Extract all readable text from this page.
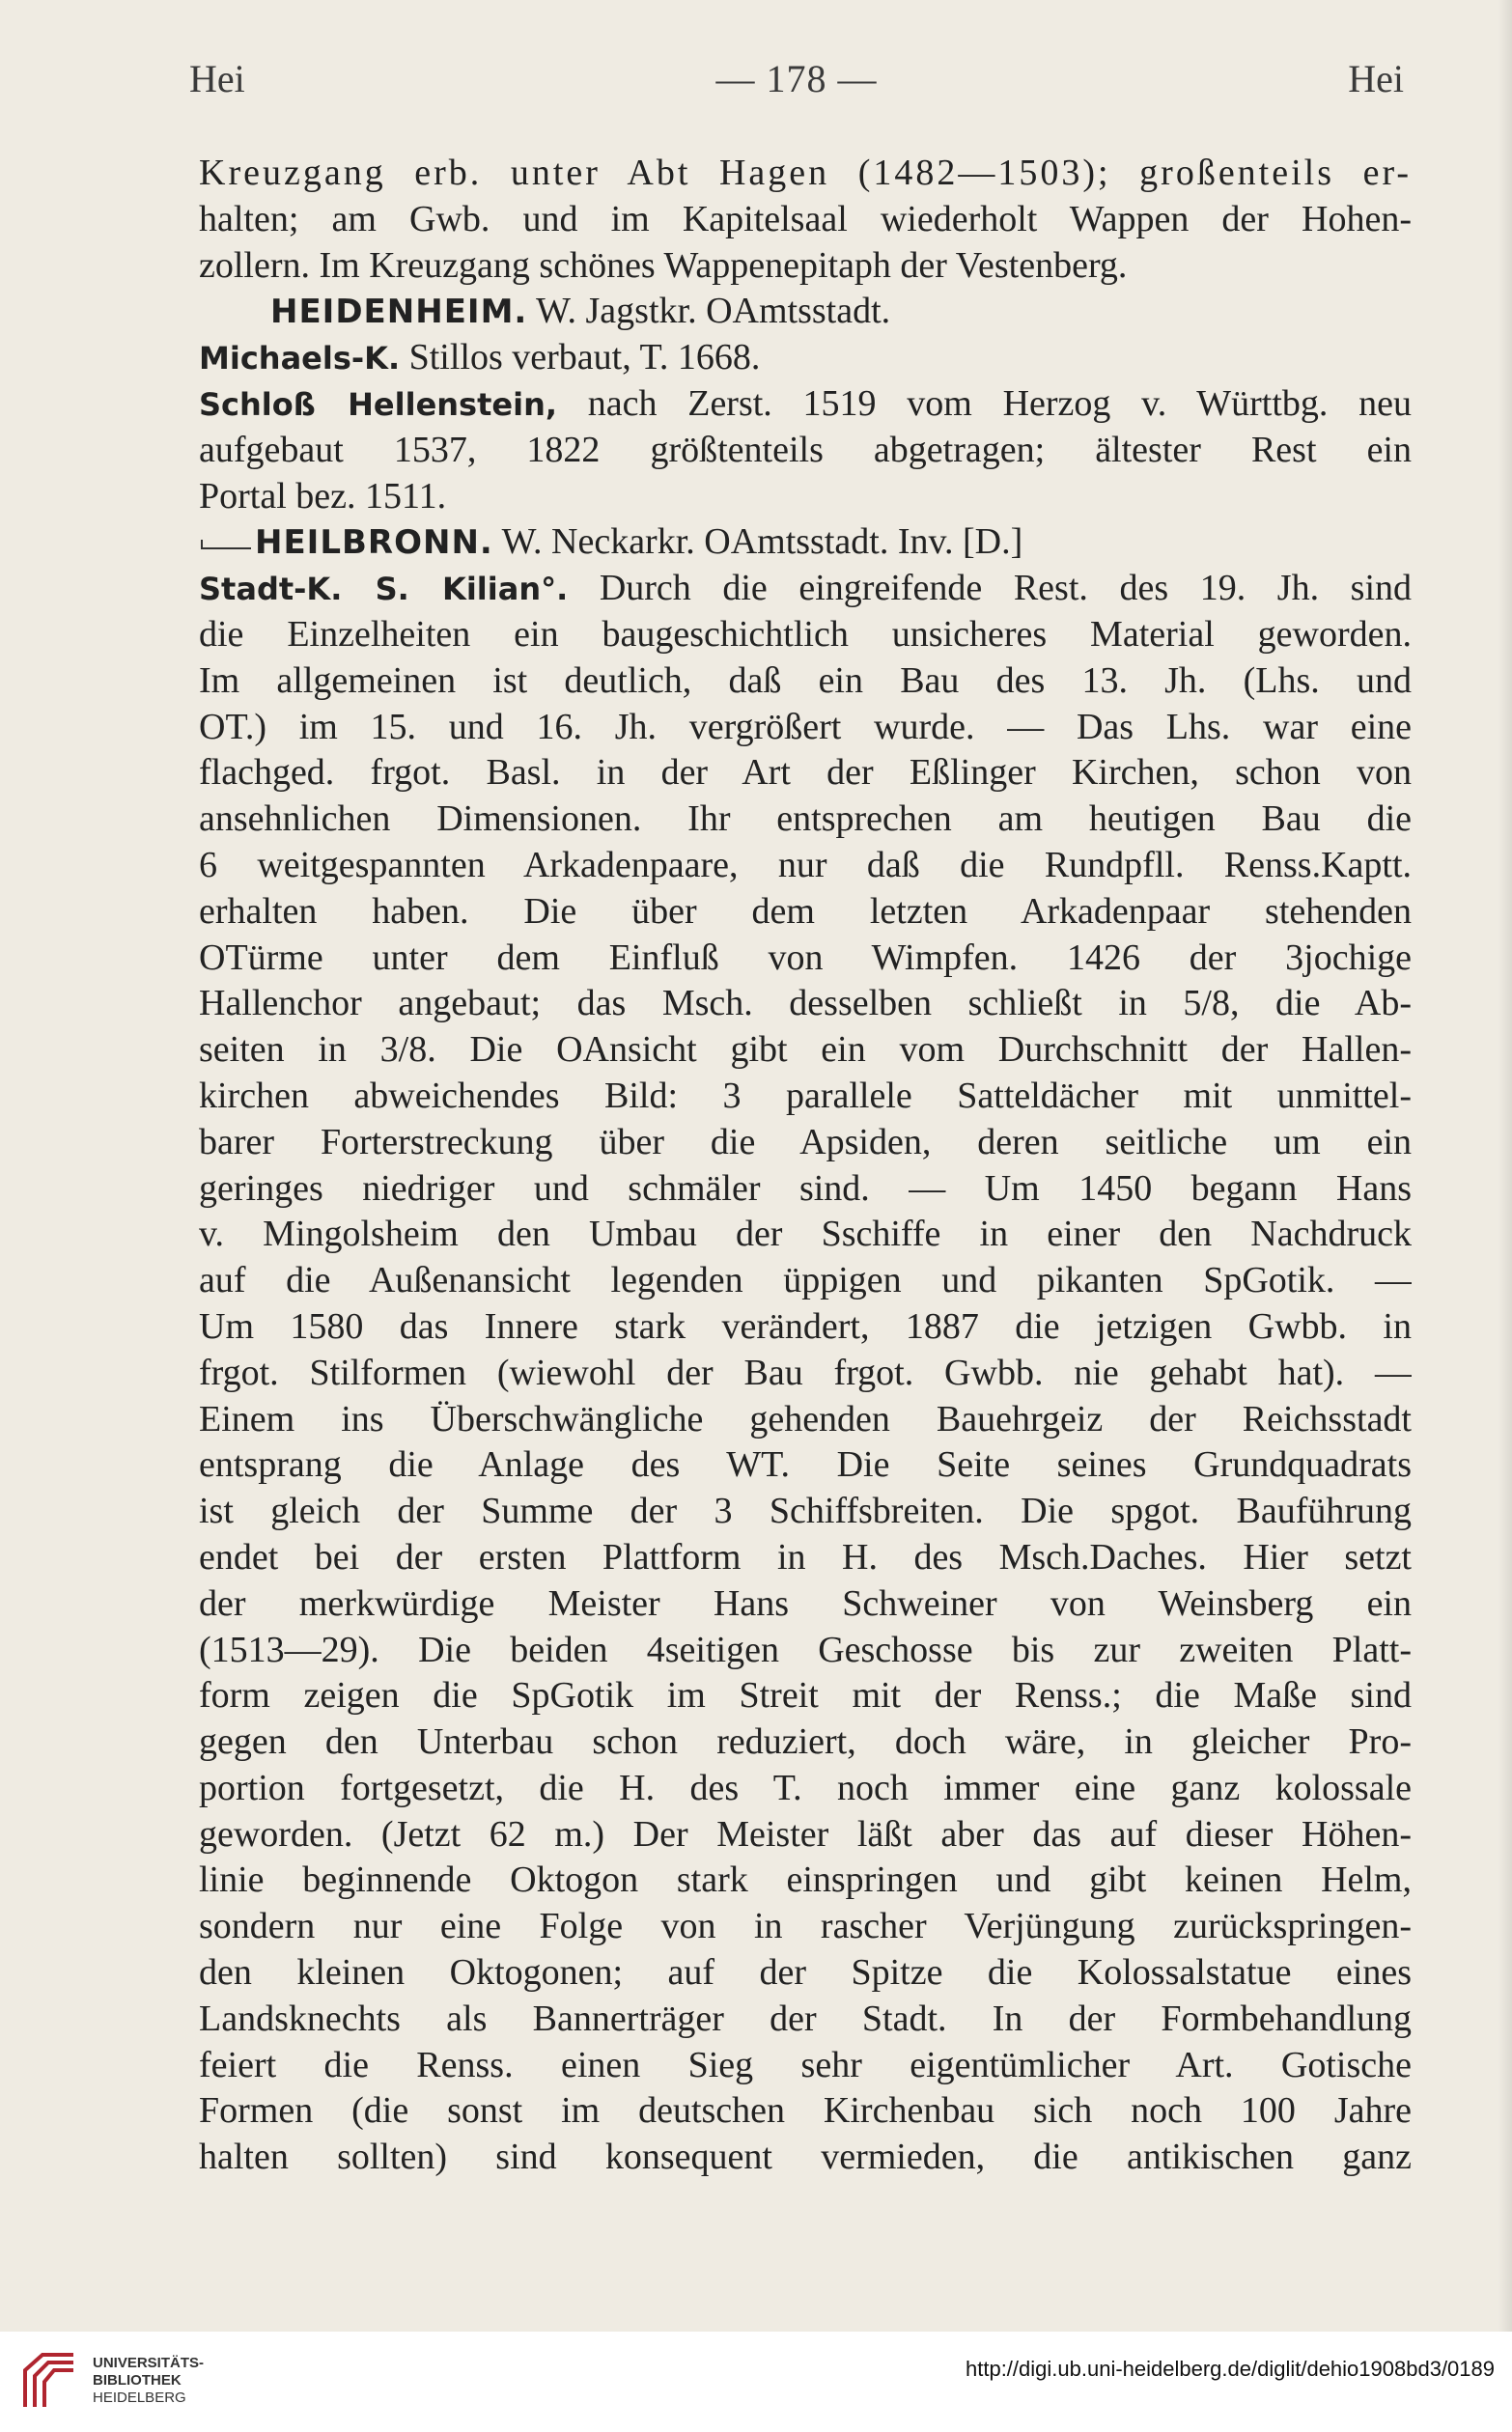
Hei	— 178 —	Hei
Kreuzgang erb. unter Abt Hagen (1482—1503); großenteils er-
halten; am Gwb. und im Kapitelsaal wiederholt Wappen der Hohen-
zollern. Im Kreuzgang schönes Wappenepitaph der Vestenberg.
HEIDENHEIM. W. Jagstkr. OAmtsstadt.
Michaels-K. Stillos verbaut, T. 1668.
Schloß Hellenstein, nach Zerst. 1519 vom Herzog v. Württbg. neu
aufgebaut 1537, 1822 größtenteils abgetragen; ältester Rest ein
Portal bez. 1511.
HEILBRONN. W. Neckarkr. OAmtsstadt. Inv. [D.]
Stadt-K. S. Kilian°. Durch die eingreifende Rest. des 19. Jh. sind
die Einzelheiten ein baugeschichtlich unsicheres Material geworden.
Im allgemeinen ist deutlich, daß ein Bau des 13. Jh. (Lhs. und
OT.) im 15. und 16. Jh. vergrößert wurde. — Das Lhs. war eine
flachged. frgot. Basl. in der Art der Eßlinger Kirchen, schon von
ansehnlichen Dimensionen. Ihr entsprechen am heutigen Bau die
6 weitgespannten Arkadenpaare, nur daß die Rundpfll. Renss.Kaptt.
erhalten haben. Die über dem letzten Arkadenpaar stehenden
OTürme unter dem Einfluß von Wimpfen. 1426 der 3jochige
Hallenchor angebaut; das Msch. desselben schließt in 5/8, die Ab-
seiten in 3/8. Die OAnsicht gibt ein vom Durchschnitt der Hallen-
kirchen abweichendes Bild: 3 parallele Satteldächer mit unmittel-
barer Forterstreckung über die Apsiden, deren seitliche um ein
geringes niedriger und schmäler sind. — Um 1450 begann Hans
v. Mingolsheim den Umbau der Sschiffe in einer den Nachdruck
auf die Außenansicht legenden üppigen und pikanten SpGotik. —
Um 1580 das Innere stark verändert, 1887 die jetzigen Gwbb. in
frgot. Stilformen (wiewohl der Bau frgot. Gwbb. nie gehabt hat). —
Einem ins Überschwängliche gehenden Bauehrgeiz der Reichsstadt
entsprang die Anlage des WT. Die Seite seines Grundquadrats
ist gleich der Summe der 3 Schiffsbreiten. Die spgot. Bauführung
endet bei der ersten Plattform in H. des Msch.Daches. Hier setzt
der merkwürdige Meister Hans Schweiner von Weinsberg ein
(1513—29). Die beiden 4seitigen Geschosse bis zur zweiten Platt-
form zeigen die SpGotik im Streit mit der Renss.; die Maße sind
gegen den Unterbau schon reduziert, doch wäre, in gleicher Pro-
portion fortgesetzt, die H. des T. noch immer eine ganz kolossale
geworden. (Jetzt 62 m.) Der Meister läßt aber das auf dieser Höhen-
linie beginnende Oktogon stark einspringen und gibt keinen Helm,
sondern nur eine Folge von in rascher Verjüngung zurückspringen-
den kleinen Oktogonen; auf der Spitze die Kolossalstatue eines
Landsknechts als Bannerträger der Stadt. In der Formbehandlung
feiert die Renss. einen Sieg sehr eigentümlicher Art. Gotische
Formen (die sonst im deutschen Kirchenbau sich noch 100 Jahre
halten sollten) sind konsequent vermieden, die antikischen ganz
UNIVERSITÄTS-
BIBLIOTHEK
HEIDELBERG
http://digi.ub.uni-heidelberg.de/diglit/dehio1908bd3/0189
